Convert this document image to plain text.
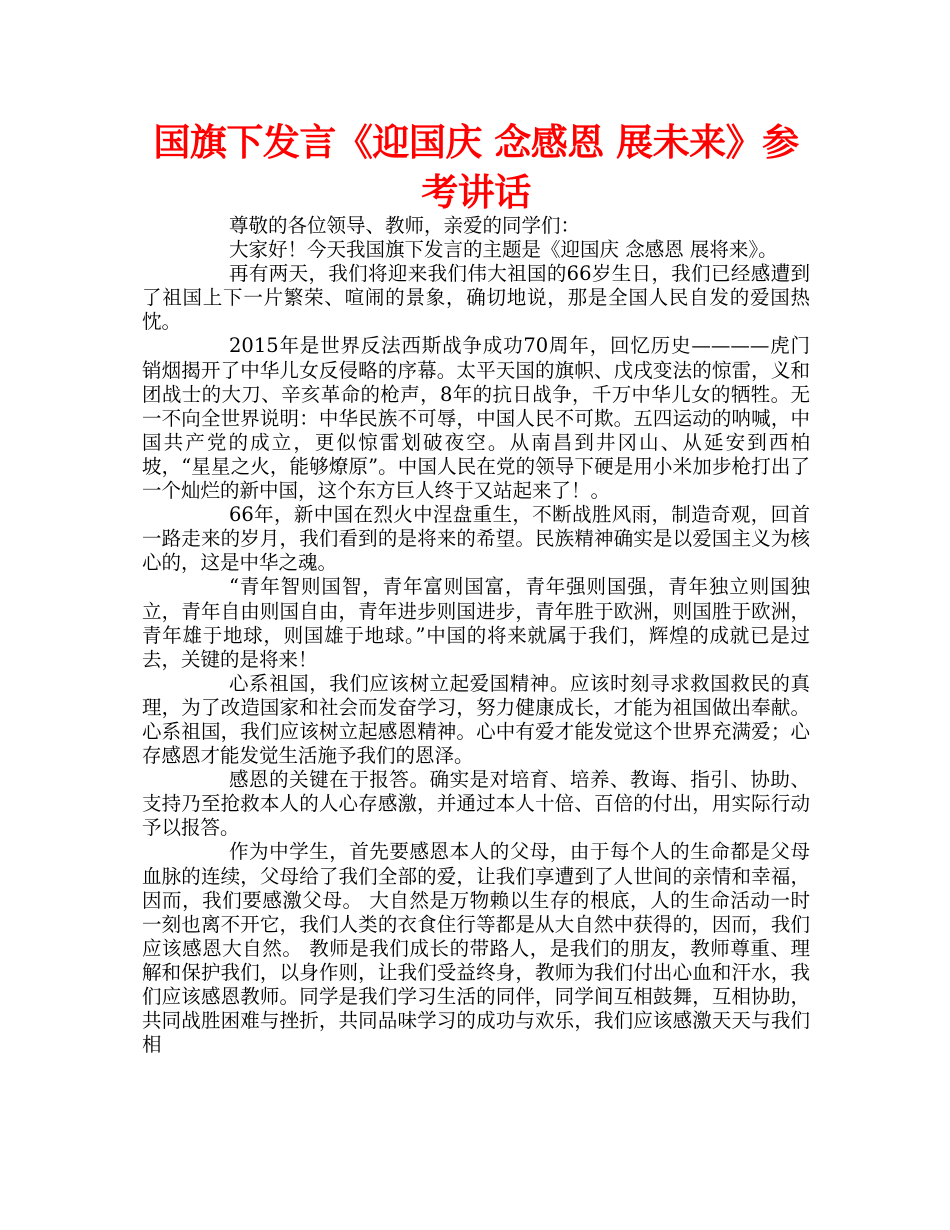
国旗下发言《迎国庆 念感恩 展未来》参考讲话

尊敬的各位领导、教师，亲爱的同学们：

大家好！今天我国旗下发言的主题是《迎国庆 念感恩 展将来》。

再有两天，我们将迎来我们伟大祖国的66岁生日，我们已经感遭到了祖国上下一片繁荣、喧闹的景象，确切地说，那是全国人民自发的爱国热忱。

2015年是世界反法西斯战争成功70周年，回忆历史————虎门销烟揭开了中华儿女反侵略的序幕。太平天国的旗帜、戊戌变法的惊雷，义和团战士的大刀、辛亥革命的枪声，8年的抗日战争，千万中华儿女的牺牲。无一不向全世界说明：中华民族不可辱，中国人民不可欺。五四运动的呐喊，中国共产党的成立，更似惊雷划破夜空。从南昌到井冈山、从延安到西柏坡，“星星之火，能够燎原”。中国人民在党的领导下硬是用小米加步枪打出了一个灿烂的新中国，这个东方巨人终于又站起来了！。

66年，新中国在烈火中涅盘重生，不断战胜风雨，制造奇观，回首一路走来的岁月，我们看到的是将来的希望。民族精神确实是以爱国主义为核心的，这是中华之魂。

“青年智则国智，青年富则国富，青年强则国强，青年独立则国独立，青年自由则国自由，青年进步则国进步，青年胜于欧洲，则国胜于欧洲，青年雄于地球，则国雄于地球。”中国的将来就属于我们，辉煌的成就已是过去，关键的是将来！

心系祖国，我们应该树立起爱国精神。应该时刻寻求救国救民的真理，为了改造国家和社会而发奋学习，努力健康成长，才能为祖国做出奉献。心系祖国，我们应该树立起感恩精神。心中有爱才能发觉这个世界充满爱；心存感恩才能发觉生活施予我们的恩泽。

感恩的关键在于报答。确实是对培育、培养、教诲、指引、协助、支持乃至抢救本人的人心存感激，并通过本人十倍、百倍的付出，用实际行动予以报答。

作为中学生，首先要感恩本人的父母，由于每个人的生命都是父母血脉的连续，父母给了我们全部的爱，让我们享遭到了人世间的亲情和幸福，因而，我们要感激父母。 大自然是万物赖以生存的根底，人的生命活动一时一刻也离不开它，我们人类的衣食住行等都是从大自然中获得的，因而，我们应该感恩大自然。 教师是我们成长的带路人，是我们的朋友，教师尊重、理解和保护我们，以身作则，让我们受益终身，教师为我们付出心血和汗水，我们应该感恩教师。同学是我们学习生活的同伴，同学间互相鼓舞，互相协助，共同战胜困难与挫折，共同品味学习的成功与欢乐，我们应该感激天天与我们相
